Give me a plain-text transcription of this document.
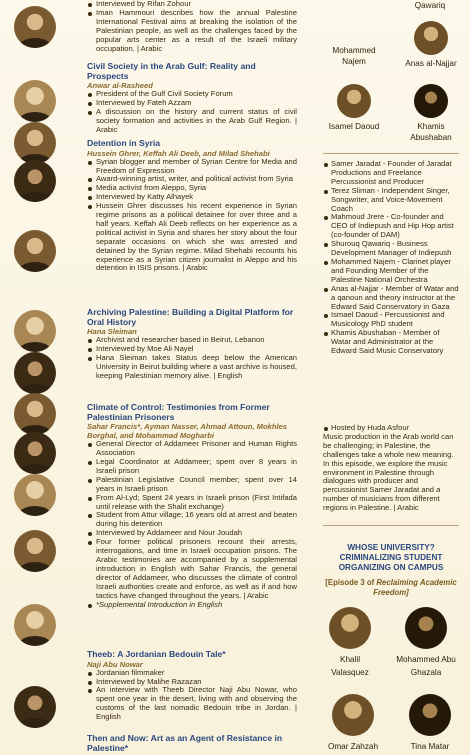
Interviewed by Rifan Zohour
Iman Hammouri describes how the annual Palestine International Festival aims at breaking the isolation of the Palestinian people, as well as the challenges faced by the popular arts center as a result of the Israeli military occupation. | Arabic
Civil Society in the Arab Gulf: Reality and Prospects
Anwar al-Rasheed
President of the Gulf Civil Society Forum
Interviewed by Fateh Azzam
A discussion on the history and current status of civil society formation and activities in the Arab Gulf Region. | Arabic
Detention in Syria
Hussein Ghrer, Keffah Ali Deeb, and Milad Shehabi
Syrian blogger and member of Syrian Centre for Media and Freedom of Expression
Award-winning artist, writer, and political activist from Syria
Media activist from Aleppo, Syria
Interviewed by Katty Alhayek
Hussein Ghrer discusses his recent experience in Syrian regime prisons as a political detainee for over three and a half years. Keffah Ali Deeb reflects on her experience as a political activist in Syria and shares her story about the four separate occasions on which she was arrested and detained by the Syrian regime. Milad Shehabi recounts his experience as a Syrian citizen journalist in Aleppo and his detention in ISIS prisons. | Arabic
Archiving Palestine: Building a Digital Platform for Oral History
Hana Sleiman
Archivist and researcher based in Beirut, Lebanon
Interviewed by Moe Ali Nayel
Hana Sleiman takes Status deep below the American University in Beirut building where a vast archive is housed, keeping Palestinian memory alive. | English
Climate of Control: Testimonies from Former Palestinian Prisoners
Sahar Francis*, Ayman Nasser, Ahmad Attoun, Mokhles Borghal, and Mohammad Mogharbi
General Director of Addameer Prisoner and Human Rights Association
Legal Coordinator at Addameer; spent over 8 years in Israeli prison
Palestinian Legislative Council member; spent over 14 years in Israeli prison
From Al-Lyd; Spent 24 years in Israeli prison (First Intifada until release with the Shalit exchange)
Student from Attur village; 16 years old at arrest and beaten during his detention
Interviewed by Addameer and Nour Joudah
Four former political prisoners recount their arrests, interrogations, and time in Israeli occupation prisons. The Arabic testimonies are accompanied by a supplemental introduction in English with Sahar Francis, the general director of Addameer, who discusses the climate of control Israeli authorities create and enforce, as well as if and how tactics have changed throughout the years. | Arabic
*Supplemental Introduction in English
Theeb: A Jordanian Bedouin Tale*
Naji Abu Nowar
Jordanian filmmaker
Interviewed by Malihe Razazan
An interview with Theeb Director Naji Abu Nowar, who spent one year in the desert, living with and observing the customs of the last nomadic Bedouin tribe in Jordan. | English
Then and Now: Art as an Agent of Resistance in Palestine*
Qawariq
Mohammed Najem	Anas al-Najjar
Isamel Daoud	Khamis Abushaban
Samer Jaradat - Founder of Jaradat Productions and Freelance Percussionist and Producer
Terez Sliman - Independent Singer, Songwriter, and Voice-Movement Coach
Mahmoud Jrere - Co-founder and CEO of Indiepush and Hip Hop artist (co-founder of DAM)
Shurouq Qawariq - Business Development Manager of Indiepush
Mohammed Najem - Clarinet player and Founding Member of the Palestine National Orchestra
Anas al-Najjar - Member of Watar and a qanoun and theory instructor at the Edward Said Conservatory in Gaza
Ismael Daoud - Percussionist and Musicology PhD student
Khamis Abushaban - Member of Watar and Administrator at the Edward Said Music Conservatory
Hosted by Huda Asfour
Music production in the Arab world can be challenging; in Palestine, the challenges take a whole new meaning. In this episode, we explore the music environment in Palestine through dialogues with producer and percussionist Samer Jaradat and a number of musicians from different regions in Palestine. | Arabic
WHOSE UNIVERSITY? CRIMINALIZING STUDENT ORGANIZING ON CAMPUS
[Episode 3 of Reclaiming Academic Freedom]
Khalil Valasquez
Mohammed Abu Ghazala
Omar Zahzah	Tina Matar
